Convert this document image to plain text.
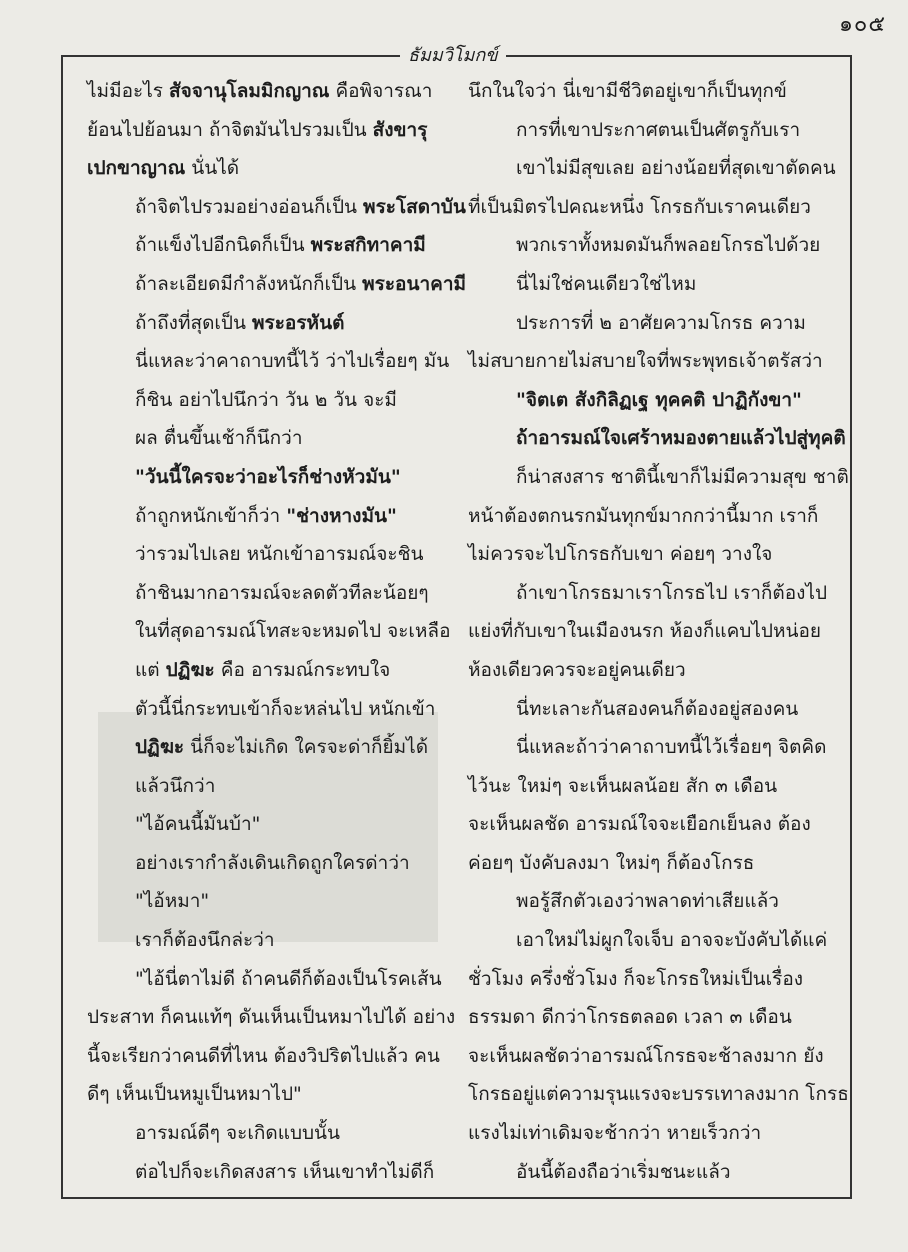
๑๐๕
ธัมมวิโมกข์
ไม่มีอะไร สัจจานุโลมมิกญาณ คือพิจารณา
ย้อนไปย้อนมา ถ้าจิตมันไปรวมเป็น สังขารุ
เปกขาญาณ นั่นได้
ถ้าจิตไปรวมอย่างอ่อนก็เป็น พระโสดาบัน
ถ้าแข็งไปอีกนิดก็เป็น พระสกิทาคามี
ถ้าละเอียดมีกำลังหนักก็เป็น พระอนาคามี
ถ้าถึงที่สุดเป็น พระอรหันต์
นี่แหละว่าคาถาบทนี้ไว้ ว่าไปเรื่อยๆ มัน
ก็ชิน อย่าไปนึกว่า วัน ๒ วัน จะมี
ผล ตื่นขึ้นเช้าก็นึกว่า
"วันนี้ใครจะว่าอะไรก็ช่างหัวมัน"
ถ้าถูกหนักเข้าก็ว่า "ช่างหางมัน"
ว่ารวมไปเลย หนักเข้าอารมณ์จะชิน
ถ้าชินมากอารมณ์จะลดตัวทีละน้อยๆ
ในที่สุดอารมณ์โทสะจะหมดไป จะเหลือ
แต่ ปฏิฆะ คือ อารมณ์กระทบใจ
ตัวนี้นี่กระทบเข้าก็จะหล่นไป หนักเข้า
ปฏิฆะ นี่ก็จะไม่เกิด ใครจะด่าก็ยิ้มได้
แล้วนึกว่า
"ไอ้คนนี้มันบ้า"
อย่างเรากำลังเดินเกิดถูกใครด่าว่า
"ไอ้หมา"
เราก็ต้องนึกล่ะว่า
"ไอ้นี่ตาไม่ดี ถ้าคนดีก็ต้องเป็นโรคเส้น
ประสาท ก็คนแท้ๆ ดันเห็นเป็นหมาไปได้ อย่าง
นี้จะเรียกว่าคนดีที่ไหน ต้องวิปริตไปแล้ว คน
ดีๆ เห็นเป็นหมูเป็นหมาไป"
อารมณ์ดีๆ จะเกิดแบบนั้น
ต่อไปก็จะเกิดสงสาร เห็นเขาทำไม่ดีก็
นึกในใจว่า นี่เขามีชีวิตอยู่เขาก็เป็นทุกข์
การที่เขาประกาศตนเป็นศัตรูกับเรา
เขาไม่มีสุขเลย อย่างน้อยที่สุดเขาตัดคน
ที่เป็นมิตรไปคณะหนึ่ง โกรธกับเราคนเดียว
พวกเราทั้งหมดมันก็พลอยโกรธไปด้วย
นี่ไม่ใช่คนเดียวใช่ไหม
ประการที่ ๒ อาศัยความโกรธ ความ
ไม่สบายกายไม่สบายใจที่พระพุทธเจ้าตรัสว่า
"จิตเต สังกิลิฏเฐ ทุคคติ ปาฏิกังขา"
ถ้าอารมณ์ใจเศร้าหมองตายแล้วไปสู่ทุคติ
ก็น่าสงสาร ชาตินี้เขาก็ไม่มีความสุข ชาติ
หน้าต้องตกนรกมันทุกข์มากกว่านี้มาก เราก็
ไม่ควรจะไปโกรธกับเขา ค่อยๆ วางใจ
ถ้าเขาโกรธมาเราโกรธไป เราก็ต้องไป
แย่งที่กับเขาในเมืองนรก ห้องก็แคบไปหน่อย
ห้องเดียวควรจะอยู่คนเดียว
นี่ทะเลาะกันสองคนก็ต้องอยู่สองคน
นี่แหละถ้าว่าคาถาบทนี้ไว้เรื่อยๆ จิตคิด
ไว้นะ ใหม่ๆ จะเห็นผลน้อย สัก ๓ เดือน
จะเห็นผลชัด อารมณ์ใจจะเยือกเย็นลง ต้อง
ค่อยๆ บังคับลงมา ใหม่ๆ ก็ต้องโกรธ
พอรู้สึกตัวเองว่าพลาดท่าเสียแล้ว
เอาใหม่ไม่ผูกใจเจ็บ อาจจะบังคับได้แค่
ชั่วโมง ครึ่งชั่วโมง ก็จะโกรธใหม่เป็นเรื่อง
ธรรมดา ดีกว่าโกรธตลอด เวลา ๓ เดือน
จะเห็นผลชัดว่าอารมณ์โกรธจะช้าลงมาก ยัง
โกรธอยู่แต่ความรุนแรงจะบรรเทาลงมาก โกรธ
แรงไม่เท่าเดิมจะช้ากว่า หายเร็วกว่า
อันนี้ต้องถือว่าเริ่มชนะแล้ว
